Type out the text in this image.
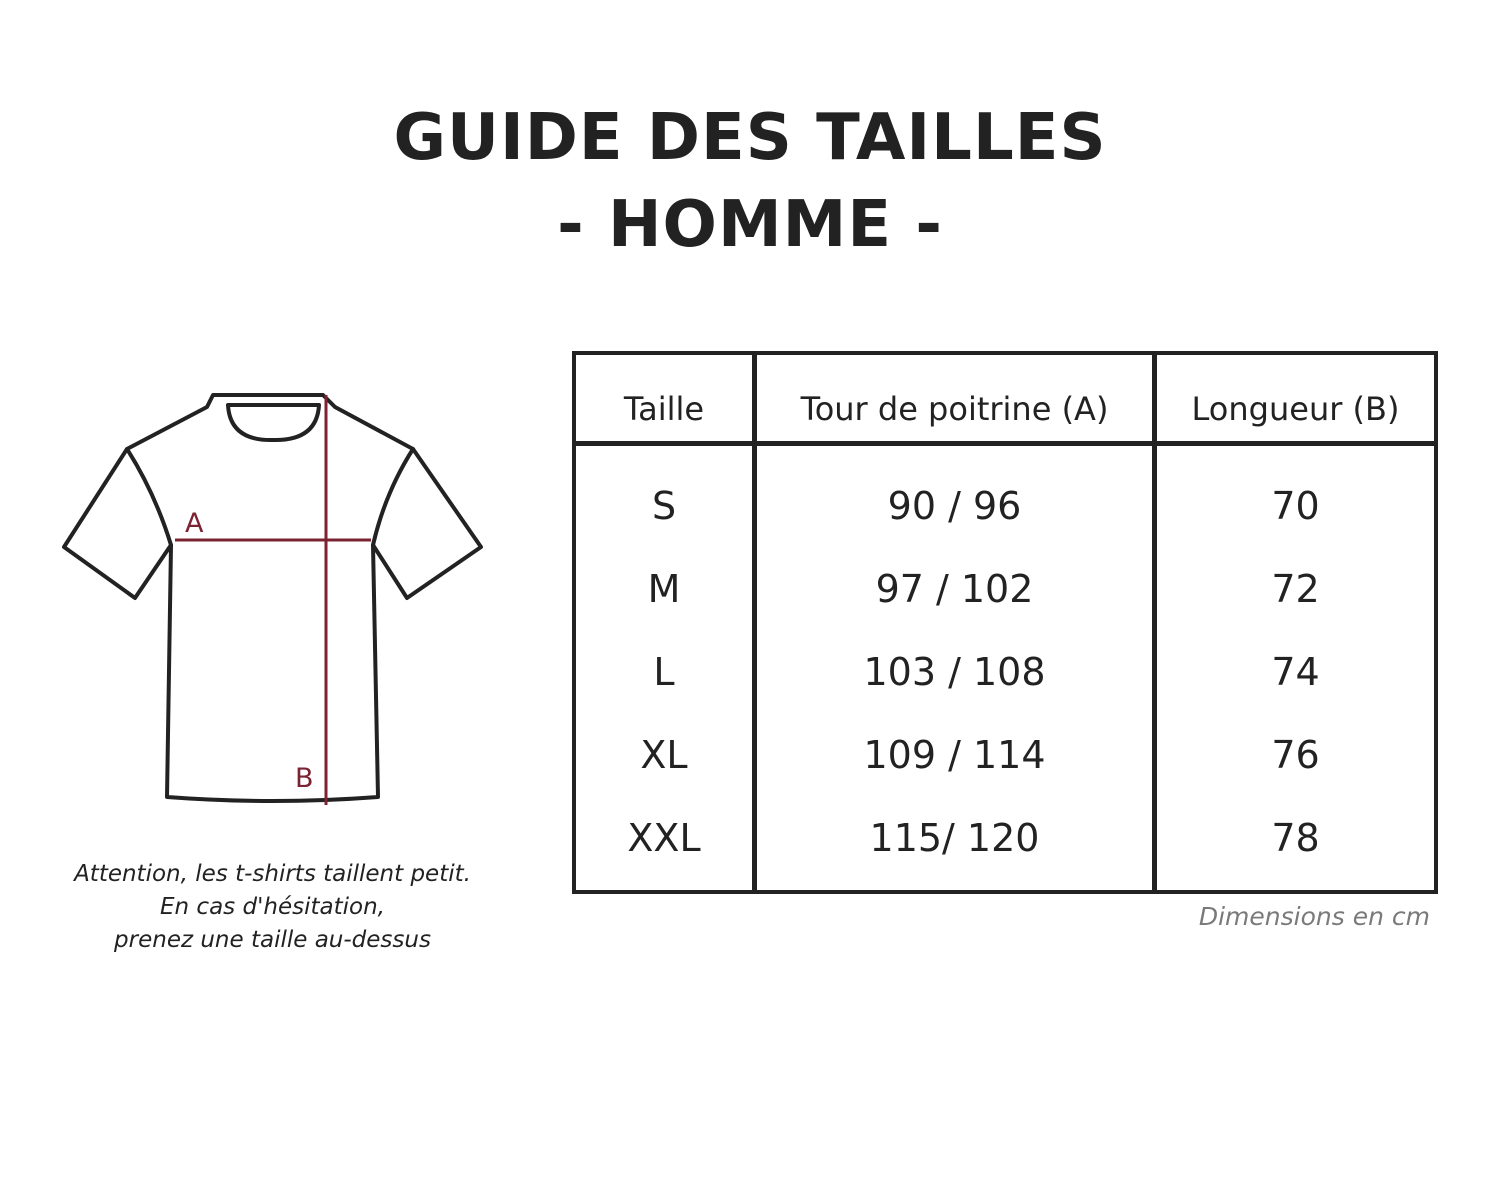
GUIDE DES TAILLES
- HOMME -
A
B
Attention, les t-shirts taillent petit.
En cas d'hésitation,
prenez une taille au-dessus
Taille	Tour de poitrine (A)	Longueur (B)
S	90 / 96	70
M	97 / 102	72
L	103 / 108	74
XL	109 / 114	76
XXL	115/ 120	78
Dimensions en cm
